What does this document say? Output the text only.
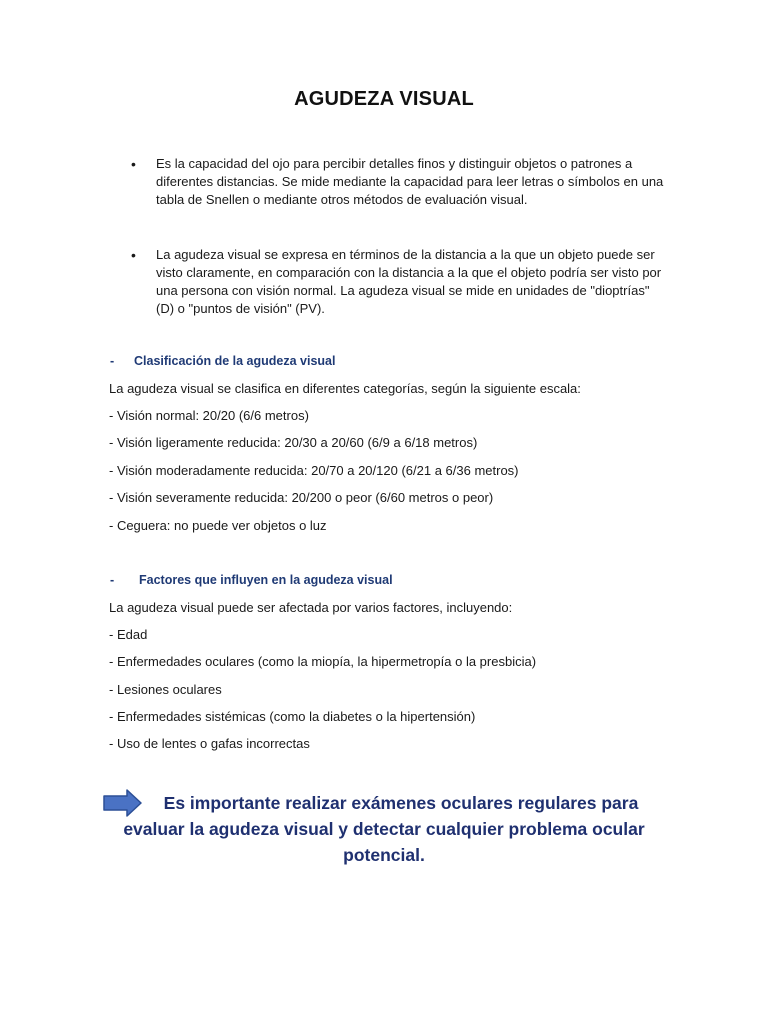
AGUDEZA VISUAL
• Es la capacidad del ojo para percibir detalles finos y distinguir objetos o patrones a diferentes distancias. Se mide mediante la capacidad para leer letras o símbolos en una tabla de Snellen o mediante otros métodos de evaluación visual.
• La agudeza visual se expresa en términos de la distancia a la que un objeto puede ser visto claramente, en comparación con la distancia a la que el objeto podría ser visto por una persona con visión normal. La agudeza visual se mide en unidades de "dioptrías" (D) o "puntos de visión" (PV).
- Clasificación de la agudeza visual
La agudeza visual se clasifica en diferentes categorías, según la siguiente escala:
- Visión normal: 20/20 (6/6 metros)
- Visión ligeramente reducida: 20/30 a 20/60 (6/9 a 6/18 metros)
- Visión moderadamente reducida: 20/70 a 20/120 (6/21 a 6/36 metros)
- Visión severamente reducida: 20/200 o peor (6/60 metros o peor)
- Ceguera: no puede ver objetos o luz
- Factores que influyen en la agudeza visual
La agudeza visual puede ser afectada por varios factores, incluyendo:
- Edad
- Enfermedades oculares (como la miopía, la hipermetropía o la presbicia)
- Lesiones oculares
- Enfermedades sistémicas (como la diabetes o la hipertensión)
- Uso de lentes o gafas incorrectas
Es importante realizar exámenes oculares regulares para evaluar la agudeza visual y detectar cualquier problema ocular potencial.
